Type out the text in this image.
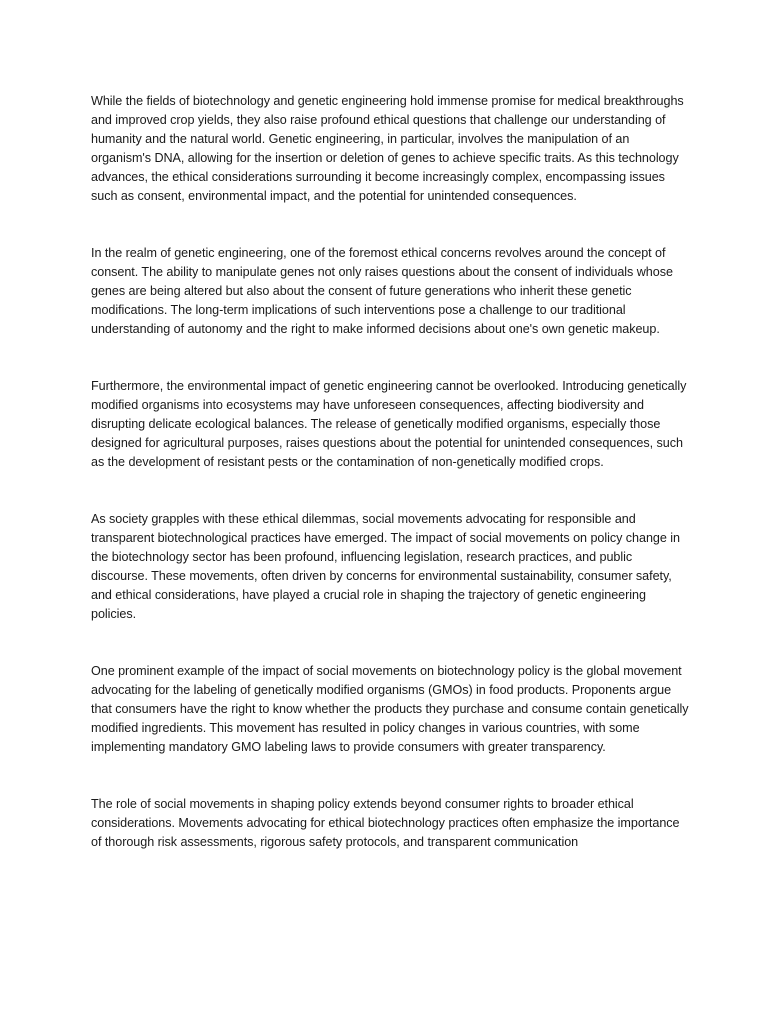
While the fields of biotechnology and genetic engineering hold immense promise for medical breakthroughs and improved crop yields, they also raise profound ethical questions that challenge our understanding of humanity and the natural world. Genetic engineering, in particular, involves the manipulation of an organism's DNA, allowing for the insertion or deletion of genes to achieve specific traits. As this technology advances, the ethical considerations surrounding it become increasingly complex, encompassing issues such as consent, environmental impact, and the potential for unintended consequences.

In the realm of genetic engineering, one of the foremost ethical concerns revolves around the concept of consent. The ability to manipulate genes not only raises questions about the consent of individuals whose genes are being altered but also about the consent of future generations who inherit these genetic modifications. The long-term implications of such interventions pose a challenge to our traditional understanding of autonomy and the right to make informed decisions about one's own genetic makeup.

Furthermore, the environmental impact of genetic engineering cannot be overlooked. Introducing genetically modified organisms into ecosystems may have unforeseen consequences, affecting biodiversity and disrupting delicate ecological balances. The release of genetically modified organisms, especially those designed for agricultural purposes, raises questions about the potential for unintended consequences, such as the development of resistant pests or the contamination of non-genetically modified crops.

As society grapples with these ethical dilemmas, social movements advocating for responsible and transparent biotechnological practices have emerged. The impact of social movements on policy change in the biotechnology sector has been profound, influencing legislation, research practices, and public discourse. These movements, often driven by concerns for environmental sustainability, consumer safety, and ethical considerations, have played a crucial role in shaping the trajectory of genetic engineering policies.

One prominent example of the impact of social movements on biotechnology policy is the global movement advocating for the labeling of genetically modified organisms (GMOs) in food products. Proponents argue that consumers have the right to know whether the products they purchase and consume contain genetically modified ingredients. This movement has resulted in policy changes in various countries, with some implementing mandatory GMO labeling laws to provide consumers with greater transparency.

The role of social movements in shaping policy extends beyond consumer rights to broader ethical considerations. Movements advocating for ethical biotechnology practices often emphasize the importance of thorough risk assessments, rigorous safety protocols, and transparent communication
